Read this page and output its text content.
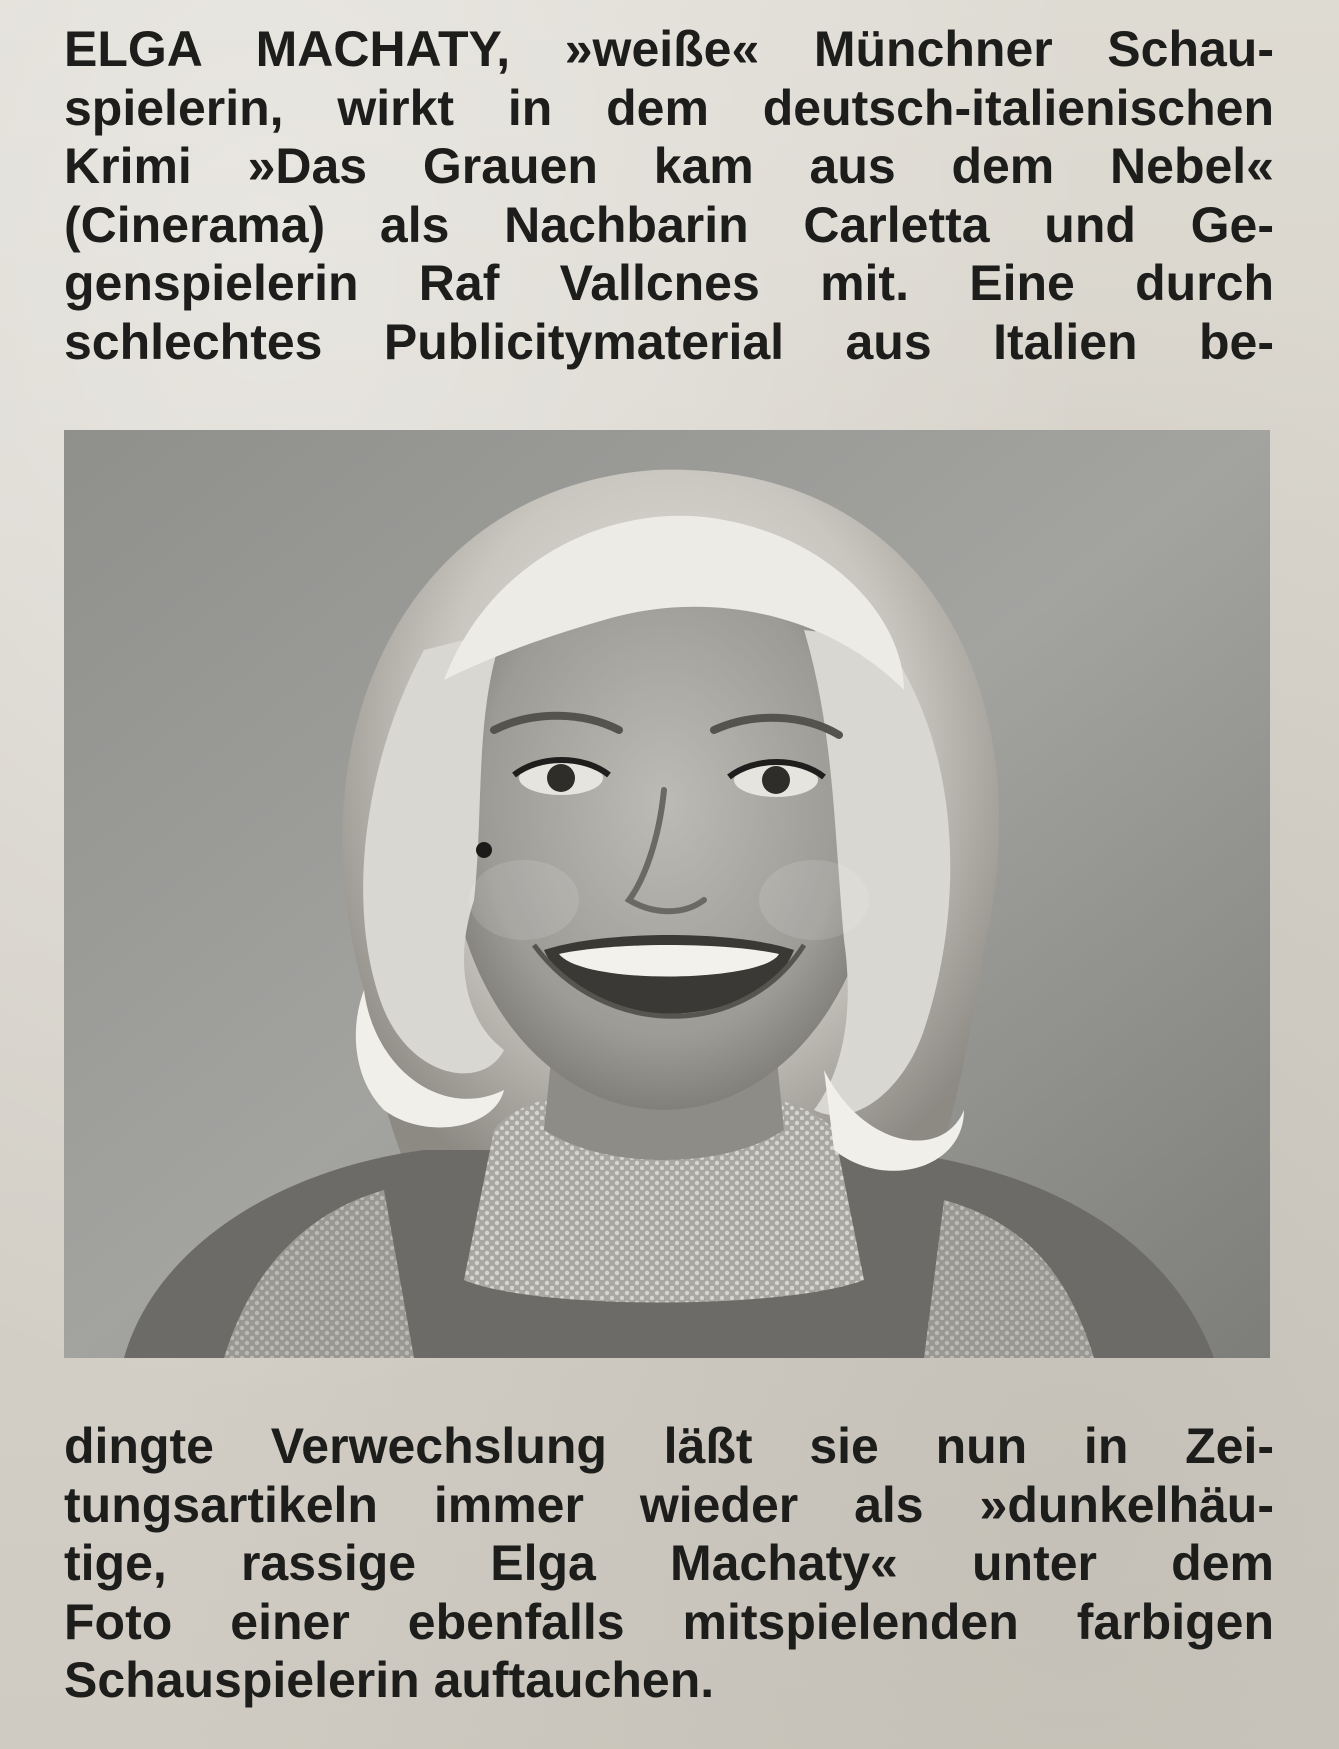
ELGA MACHATY, »weiße« Münchner Schau-
spielerin, wirkt in dem deutsch-italienischen
Krimi »Das Grauen kam aus dem Nebel«
(Cinerama) als Nachbarin Carletta und Ge-
genspielerin Raf Vallcnes mit. Eine durch
schlechtes Publicitymaterial aus Italien be-
dingte Verwechslung läßt sie nun in Zei-
tungsartikeln immer wieder als »dunkelhäu-
tige, rassige Elga Machaty« unter dem
Foto einer ebenfalls mitspielenden farbigen
Schauspielerin auftauchen.
